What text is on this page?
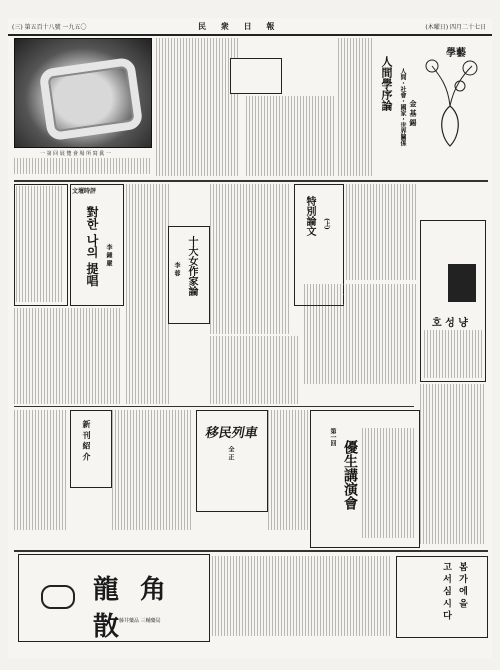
(三) 第五百十八號 一九五〇	民 衆 日 報	(木曜日) 四月二十七日
一 第 回 展 覽 會 場 所 寫 眞 一
人間學序論 人間・社會・國家・世界關係 金 基 錫
學藝
文壇時評
對한 나의 提唱	李 鍾 嚴	十大女作家論
李 蓉
特別論文	(上)
호 성 냥
新 刊 紹 介	移民列車
全 正
第一回
優生講演會
龍 角 散
藤井藥品 三輔藥局
봄 가 에 을
고 서 심 시 다
